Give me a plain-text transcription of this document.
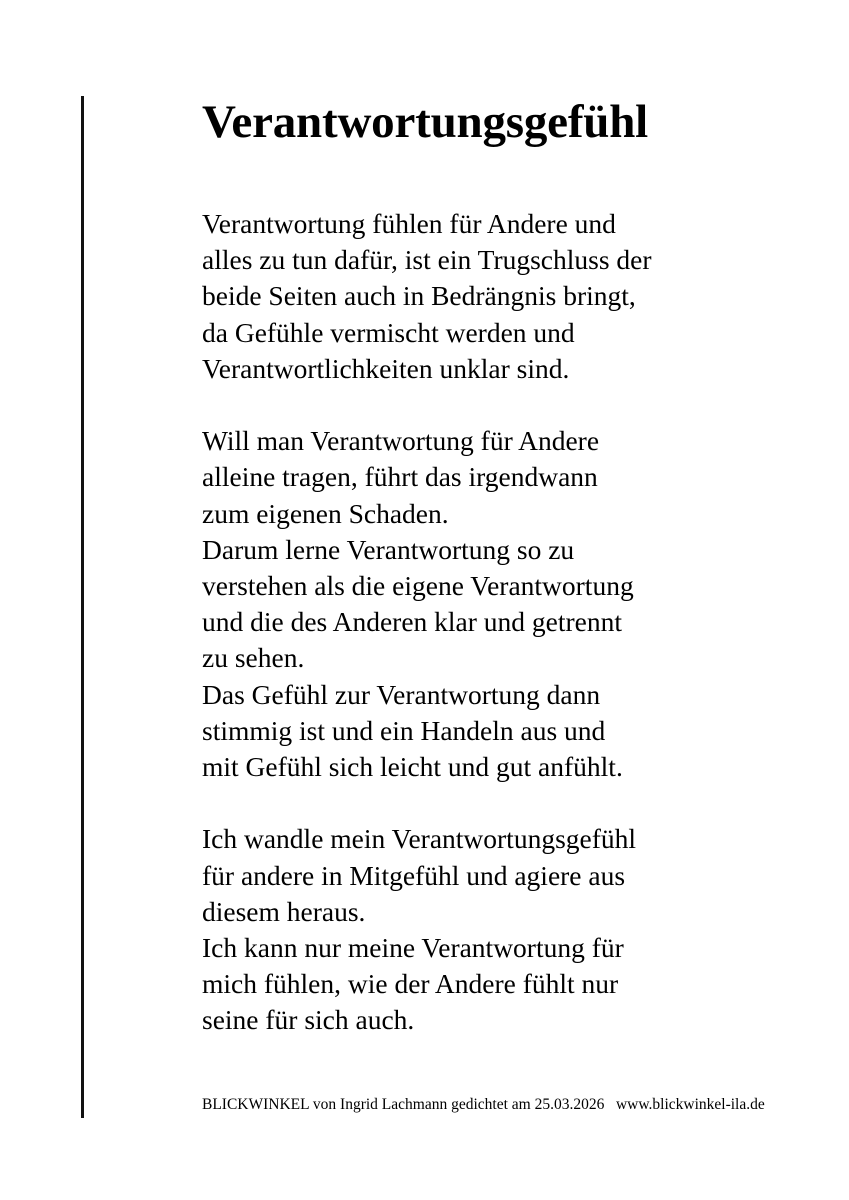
Verantwortungsgefühl

Verantwortung fühlen für Andere und
alles zu tun dafür, ist ein Trugschluss der
beide Seiten auch in Bedrängnis bringt,
da Gefühle vermischt werden und
Verantwortlichkeiten unklar sind.

Will man Verantwortung für Andere
alleine tragen, führt das irgendwann
zum eigenen Schaden.
Darum lerne Verantwortung so zu
verstehen als die eigene Verantwortung
und die des Anderen klar und getrennt
zu sehen.
Das Gefühl zur Verantwortung dann
stimmig ist und ein Handeln aus und
mit Gefühl sich leicht und gut anfühlt.

Ich wandle mein Verantwortungsgefühl
für andere in Mitgefühl und agiere aus
diesem heraus.
Ich kann nur meine Verantwortung für
mich fühlen, wie der Andere fühlt nur
seine für sich auch.

BLICKWINKEL von Ingrid Lachmann gedichtet am 25.03.2026   www.blickwinkel-ila.de
